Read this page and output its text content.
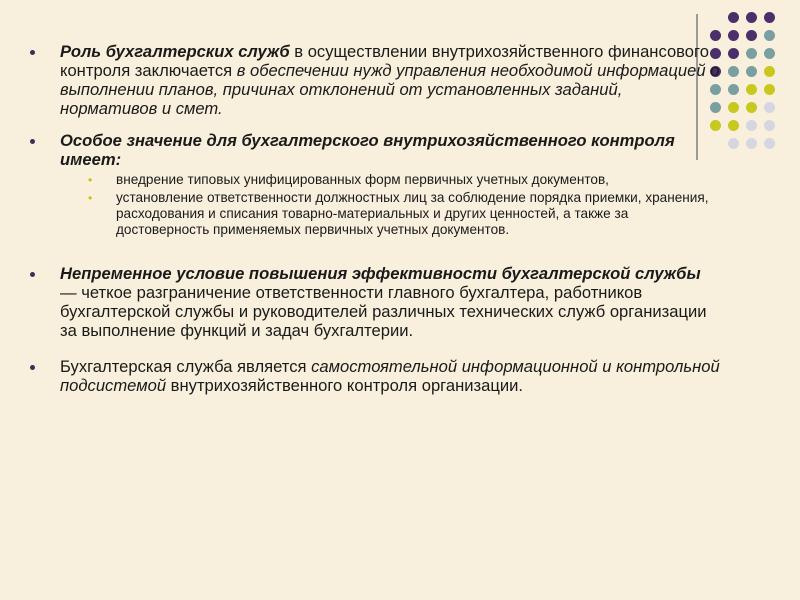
Роль бухгалтерских служб в осуществлении внутрихозяйственного финансового контроля заключается в обеспечении нужд управления необходимой информацией о выполнении планов, причинах отклонений от установленных заданий, нормативов и смет.
Особое значение для бухгалтерского внутрихозяйственного контроля имеет:
• внедрение типовых унифицированных форм первичных учетных документов,
• установление ответственности должностных лиц за соблюдение порядка приемки, хранения, расходования и списания товарно-материальных и других ценностей, а также за достоверность применяемых первичных учетных документов.
Непременное условие повышения эффективности бухгалтерской службы — четкое разграничение ответственности главного бухгалтера, работников бухгалтерской службы и руководителей различных технических служб организации за выполнение функций и задач бухгалтерии.
Бухгалтерская служба является самостоятельной информационной и контрольной подсистемой внутрихозяйственного контроля организации.
